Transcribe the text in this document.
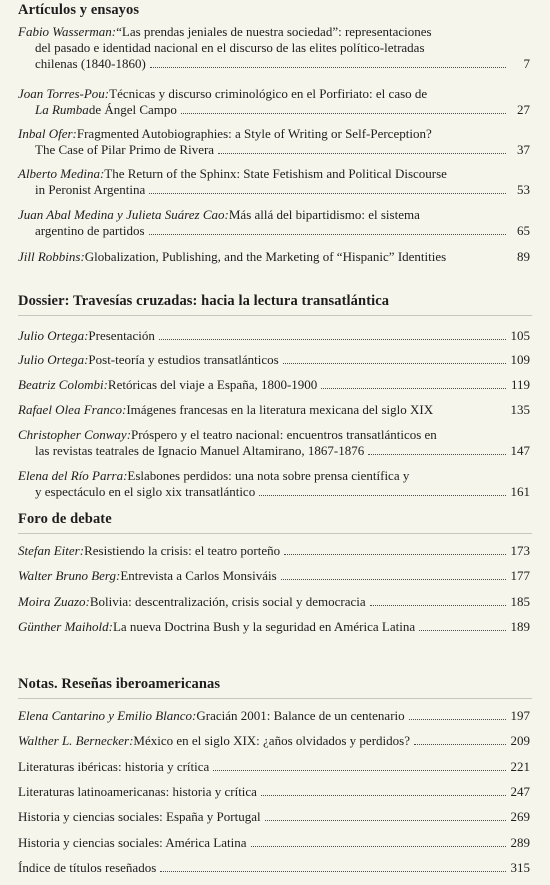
Artículos y ensayos
Fabio Wasserman: “Las prendas jeniales de nuestra sociedad”: representaciones
del pasado e identidad nacional en el discurso de las elites político-letradas
chilenas (1840-1860)	7
Joan Torres-Pou: Técnicas y discurso criminológico en el Porfiriato: el caso de
La Rumba de Ángel Campo	27
Inbal Ofer: Fragmented Autobiographies: a Style of Writing or Self-Perception?
The Case of Pilar Primo de Rivera	37
Alberto Medina: The Return of the Sphinx: State Fetishism and Political Discourse
in Peronist Argentina	53
Juan Abal Medina y Julieta Suárez Cao: Más allá del bipartidismo: el sistema
argentino de partidos	65
Jill Robbins: Globalization, Publishing, and the Marketing of “Hispanic” Identities	89
Dossier: Travesías cruzadas: hacia la lectura transatlántica
Julio Ortega: Presentación	105
Julio Ortega: Post-teoría y estudios transatlánticos	109
Beatriz Colombi: Retóricas del viaje a España, 1800-1900	119
Rafael Olea Franco: Imágenes francesas en la literatura mexicana del siglo XIX	135
Christopher Conway: Próspero y el teatro nacional: encuentros transatlánticos en
las revistas teatrales de Ignacio Manuel Altamirano, 1867-1876	147
Elena del Río Parra: Eslabones perdidos: una nota sobre prensa científica y
y espectáculo en el siglo xix transatlántico	161
Foro de debate
Stefan Eiter: Resistiendo la crisis: el teatro porteño	173
Walter Bruno Berg: Entrevista a Carlos Monsiváis	177
Moira Zuazo: Bolivia: descentralización, crisis social y democracia	185
Günther Maihold: La nueva Doctrina Bush y la seguridad en América Latina	189
Notas. Reseñas iberoamericanas
Elena Cantarino y Emilio Blanco: Gracián 2001: Balance de un centenario	197
Walther L. Bernecker: México en el siglo XIX: ¿años olvidados y perdidos?	209
Literaturas ibéricas: historia y crítica	221
Literaturas latinoamericanas: historia y crítica	247
Historia y ciencias sociales: España y Portugal	269
Historia y ciencias sociales: América Latina	289
Índice de títulos reseñados	315
